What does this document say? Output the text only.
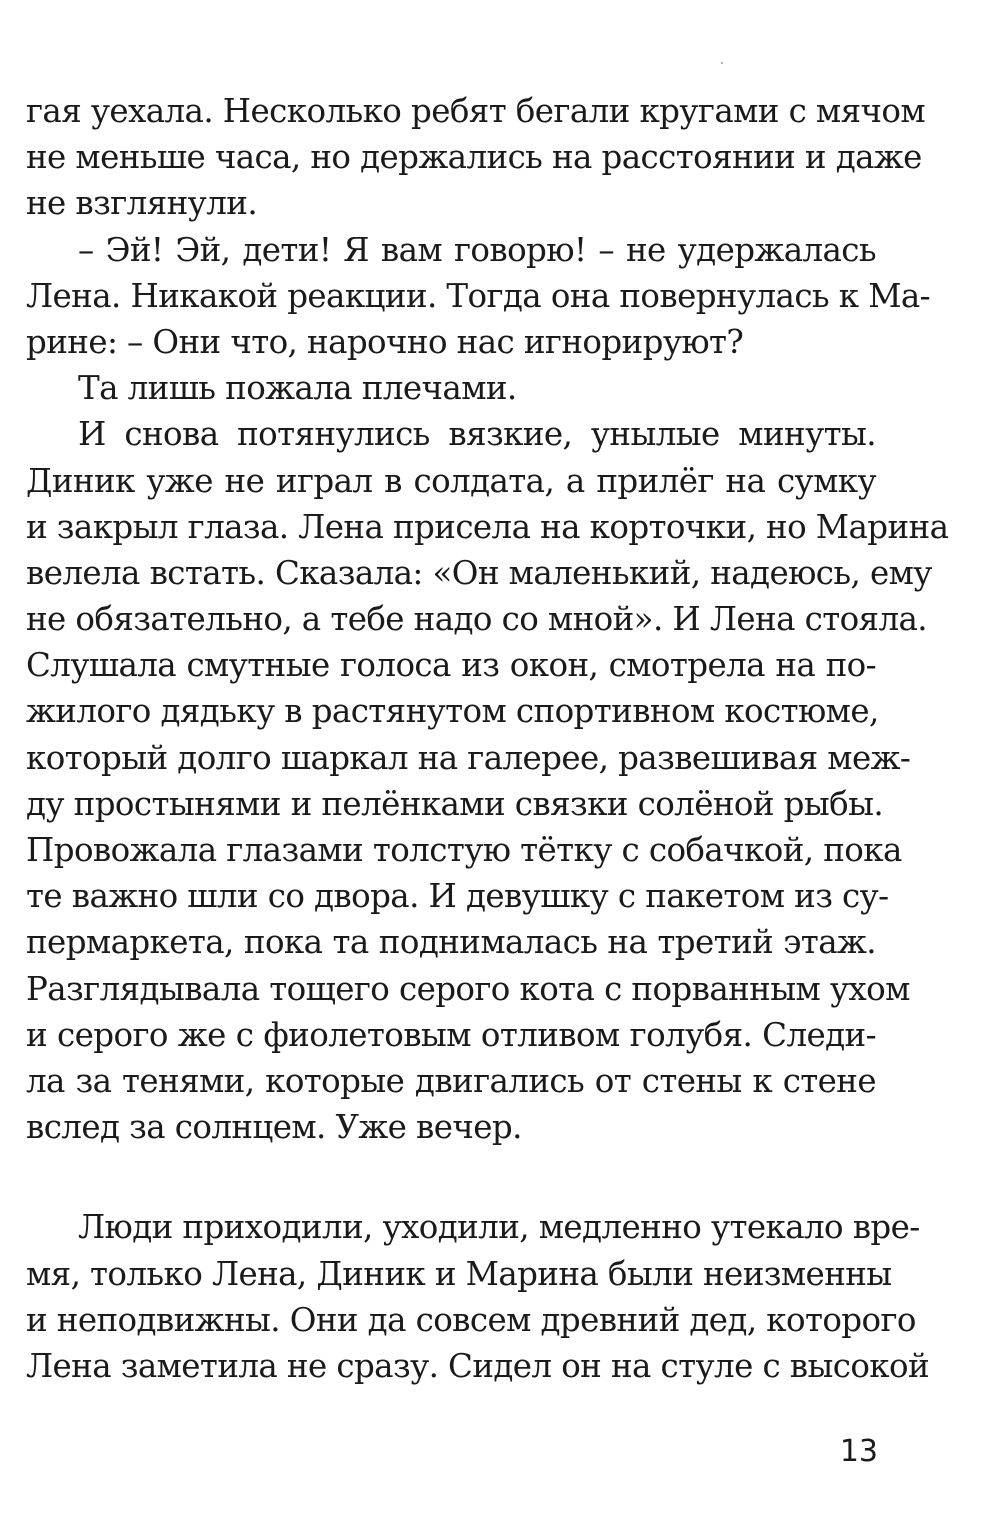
гая уехала. Несколько ребят бегали кругами с мячом
не меньше часа, но держались на расстоянии и даже
не взглянули.
– Эй! Эй, дети! Я вам говорю! – не удержалась
Лена. Никакой реакции. Тогда она повернулась к Ма-
рине: – Они что, нарочно нас игнорируют?
Та лишь пожала плечами.
И снова потянулись вязкие, унылые минуты.
Диник уже не играл в солдата, а прилёг на сумку
и закрыл глаза. Лена присела на корточки, но Марина
велела встать. Сказала: «Он маленький, надеюсь, ему
не обязательно, а тебе надо со мной». И Лена стояла.
Слушала смутные голоса из окон, смотрела на по-
жилого дядьку в растянутом спортивном костюме,
который долго шаркал на галерее, развешивая меж-
ду простынями и пелёнками связки солёной рыбы.
Провожала глазами толстую тётку с собачкой, пока
те важно шли со двора. И девушку с пакетом из су-
пермаркета, пока та поднималась на третий этаж.
Разглядывала тощего серого кота с порванным ухом
и серого же с фиолетовым отливом голубя. Следи-
ла за тенями, которые двигались от стены к стене
вслед за солнцем. Уже вечер.
Люди приходили, уходили, медленно утекало вре-
мя, только Лена, Диник и Марина были неизменны
и неподвижны. Они да совсем древний дед, которого
Лена заметила не сразу. Сидел он на стуле с высокой
13
